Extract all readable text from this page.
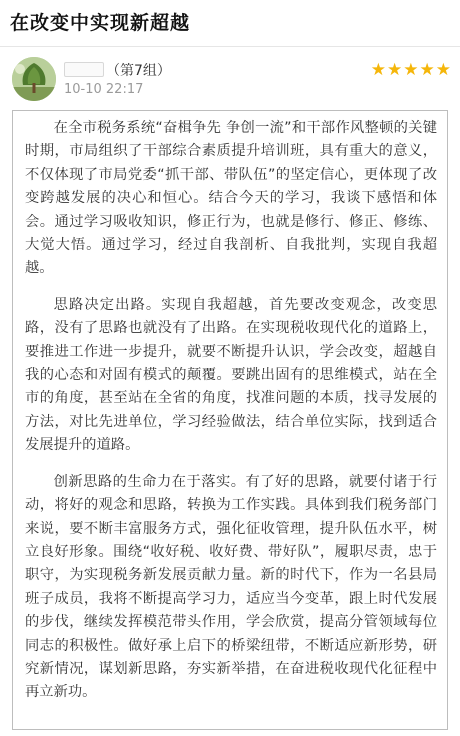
在改变中实现新超越
（第7组）
10-10 22:17
★★★★★

在全市税务系统“奋楫争先 争创一流”和干部作风整顿的关键时期，市局组织了干部综合素质提升培训班，具有重大的意义，不仅体现了市局党委“抓干部、带队伍”的坚定信心，更体现了改变跨越发展的决心和恒心。结合今天的学习，我谈下感悟和体会。通过学习吸收知识，修正行为，也就是修行、修正、修练、大觉大悟。通过学习，经过自我剖析、自我批判，实现自我超越。

思路决定出路。实现自我超越，首先要改变观念，改变思路，没有了思路也就没有了出路。在实现税收现代化的道路上，要推进工作进一步提升，就要不断提升认识，学会改变，超越自我的心态和对固有模式的颠覆。要跳出固有的思维模式，站在全市的角度，甚至站在全省的角度，找准问题的本质，找寻发展的方法，对比先进单位，学习经验做法，结合单位实际，找到适合发展提升的道路。

创新思路的生命力在于落实。有了好的思路，就要付诸于行动，将好的观念和思路，转换为工作实践。具体到我们税务部门来说，要不断丰富服务方式，强化征收管理，提升队伍水平，树立良好形象。围绕“收好税、收好费、带好队”，履职尽责，忠于职守，为实现税务新发展贡献力量。新的时代下，作为一名县局班子成员，我将不断提高学习力，适应当今变革，跟上时代发展的步伐，继续发挥模范带头作用，学会欣赏，提高分管领域每位同志的积极性。做好承上启下的桥梁纽带，不断适应新形势，研究新情况，谋划新思路，夯实新举措，在奋进税收现代化征程中再立新功。
